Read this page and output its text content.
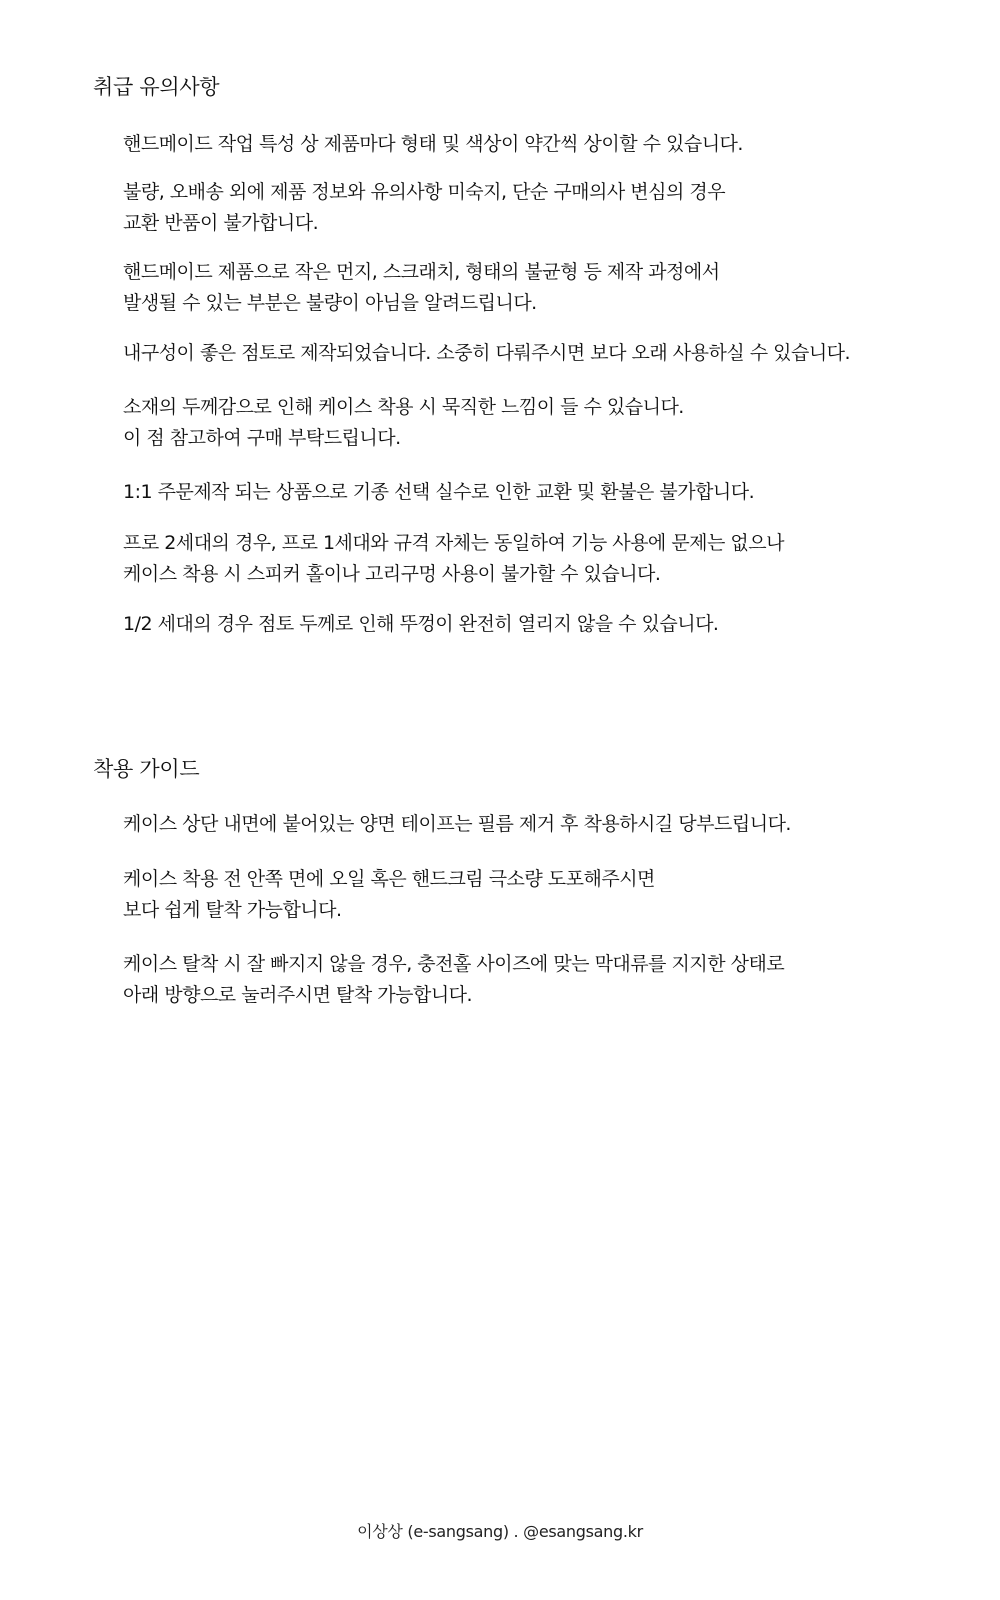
취급 유의사항

핸드메이드 작업 특성 상 제품마다 형태 및 색상이 약간씩 상이할 수 있습니다.

불량, 오배송 외에 제품 정보와 유의사항 미숙지, 단순 구매의사 변심의 경우
교환 반품이 불가합니다.

핸드메이드 제품으로 작은 먼지, 스크래치, 형태의 불균형 등 제작 과정에서
발생될 수 있는 부분은 불량이 아님을 알려드립니다.

내구성이 좋은 점토로 제작되었습니다. 소중히 다뤄주시면 보다 오래 사용하실 수 있습니다.

소재의 두께감으로 인해 케이스 착용 시 묵직한 느낌이 들 수 있습니다.
이 점 참고하여 구매 부탁드립니다.

1:1 주문제작 되는 상품으로 기종 선택 실수로 인한 교환 및 환불은 불가합니다.

프로 2세대의 경우, 프로 1세대와 규격 자체는 동일하여 기능 사용에 문제는 없으나
케이스 착용 시 스피커 홀이나 고리구멍 사용이 불가할 수 있습니다.

1/2 세대의 경우 점토 두께로 인해 뚜껑이 완전히 열리지 않을 수 있습니다.

착용 가이드

케이스 상단 내면에 붙어있는 양면 테이프는 필름 제거 후 착용하시길 당부드립니다.

케이스 착용 전 안쪽 면에 오일 혹은 핸드크림 극소량 도포해주시면
보다 쉽게 탈착 가능합니다.

케이스 탈착 시 잘 빠지지 않을 경우, 충전홀 사이즈에 맞는 막대류를 지지한 상태로
아래 방향으로 눌러주시면 탈착 가능합니다.

이상상 (e-sangsang) . @esangsang.kr
